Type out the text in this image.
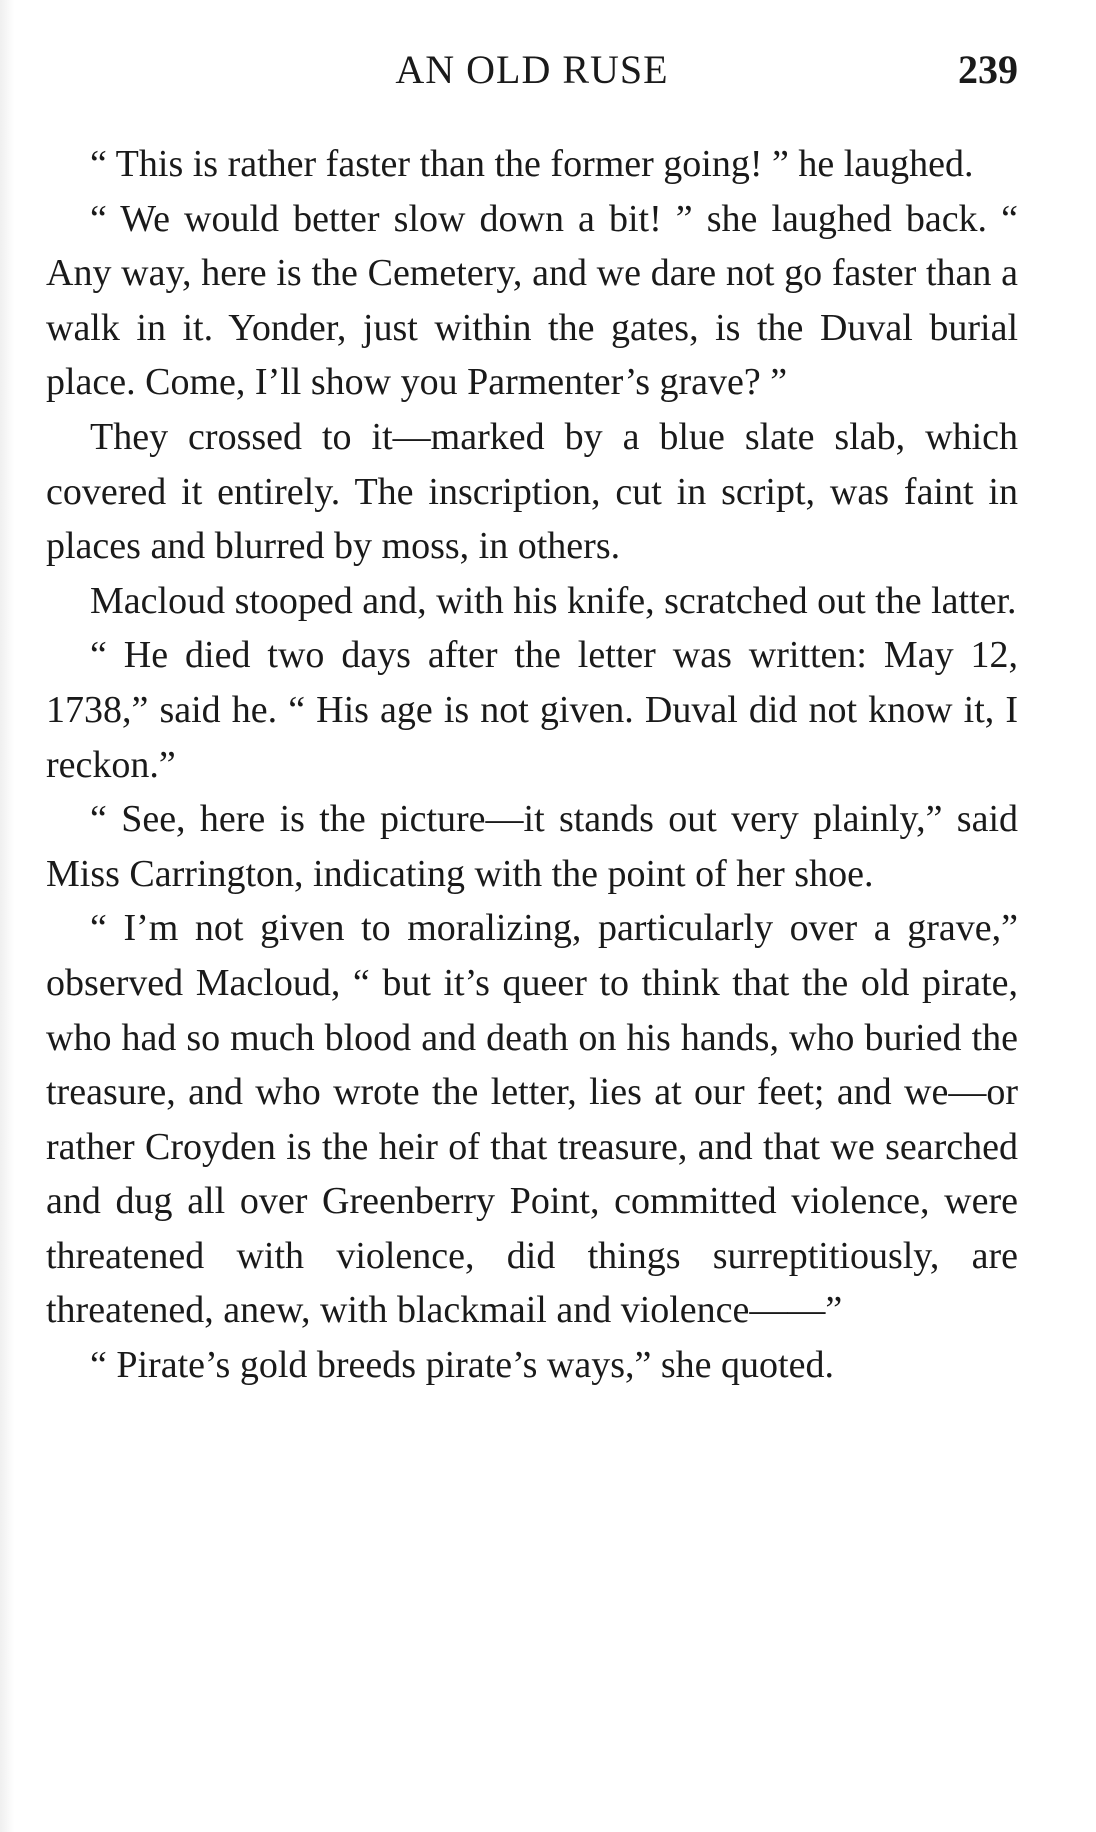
AN OLD RUSE	239

“ This is rather faster than the former going! ” he laughed.

“ We would better slow down a bit! ” she laughed back. “ Any way, here is the Cemetery, and we dare not go faster than a walk in it. Yonder, just within the gates, is the Duval burial place. Come, I’ll show you Parmenter’s grave? ”

They crossed to it—marked by a blue slate slab, which covered it entirely. The inscription, cut in script, was faint in places and blurred by moss, in others.

Macloud stooped and, with his knife, scratched out the latter.

“ He died two days after the letter was written: May 12, 1738,” said he. “ His age is not given. Duval did not know it, I reckon.”

“ See, here is the picture—it stands out very plainly,” said Miss Carrington, indicating with the point of her shoe.

“ I’m not given to moralizing, particularly over a grave,” observed Macloud, “ but it’s queer to think that the old pirate, who had so much blood and death on his hands, who buried the treasure, and who wrote the letter, lies at our feet; and we—or rather Croyden is the heir of that treasure, and that we searched and dug all over Greenberry Point, committed violence, were threatened with violence, did things surreptitiously, are threatened, anew, with blackmail and violence——”

“ Pirate’s gold breeds pirate’s ways,” she quoted.
